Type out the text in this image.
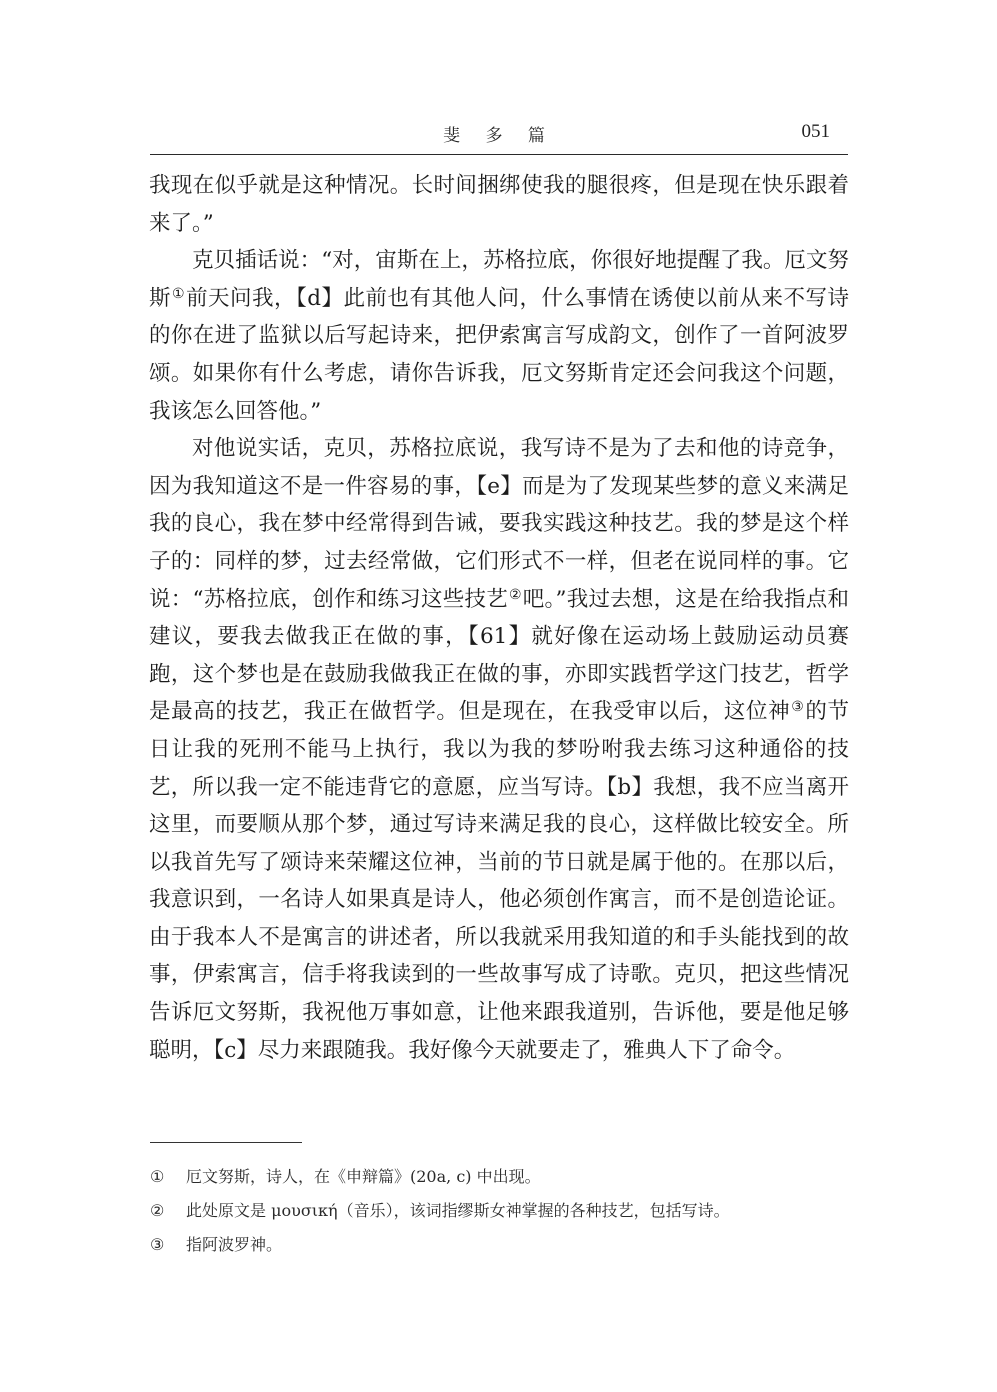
斐 多 篇	051

我现在似乎就是这种情况。长时间捆绑使我的腿很疼，但是现在快乐跟着来了。”

克贝插话说：“对，宙斯在上，苏格拉底，你很好地提醒了我。厄文努斯①前天问我，【d】此前也有其他人问，什么事情在诱使以前从来不写诗的你在进了监狱以后写起诗来，把伊索寓言写成韵文，创作了一首阿波罗颂。如果你有什么考虑，请你告诉我，厄文努斯肯定还会问我这个问题，我该怎么回答他。”

对他说实话，克贝，苏格拉底说，我写诗不是为了去和他的诗竞争，因为我知道这不是一件容易的事，【e】而是为了发现某些梦的意义来满足我的良心，我在梦中经常得到告诫，要我实践这种技艺。我的梦是这个样子的：同样的梦，过去经常做，它们形式不一样，但老在说同样的事。它说：“苏格拉底，创作和练习这些技艺②吧。”我过去想，这是在给我指点和建议，要我去做我正在做的事，【61】就好像在运动场上鼓励运动员赛跑，这个梦也是在鼓励我做我正在做的事，亦即实践哲学这门技艺，哲学是最高的技艺，我正在做哲学。但是现在，在我受审以后，这位神③的节日让我的死刑不能马上执行，我以为我的梦吩咐我去练习这种通俗的技艺，所以我一定不能违背它的意愿，应当写诗。【b】我想，我不应当离开这里，而要顺从那个梦，通过写诗来满足我的良心，这样做比较安全。所以我首先写了颂诗来荣耀这位神，当前的节日就是属于他的。在那以后，我意识到，一名诗人如果真是诗人，他必须创作寓言，而不是创造论证。由于我本人不是寓言的讲述者，所以我就采用我知道的和手头能找到的故事，伊索寓言，信手将我读到的一些故事写成了诗歌。克贝，把这些情况告诉厄文努斯，我祝他万事如意，让他来跟我道别，告诉他，要是他足够聪明，【c】尽力来跟随我。我好像今天就要走了，雅典人下了命令。

①	厄文努斯，诗人，在《申辩篇》(20a, c) 中出现。
②	此处原文是 μουσική（音乐），该词指缪斯女神掌握的各种技艺，包括写诗。
③	指阿波罗神。
